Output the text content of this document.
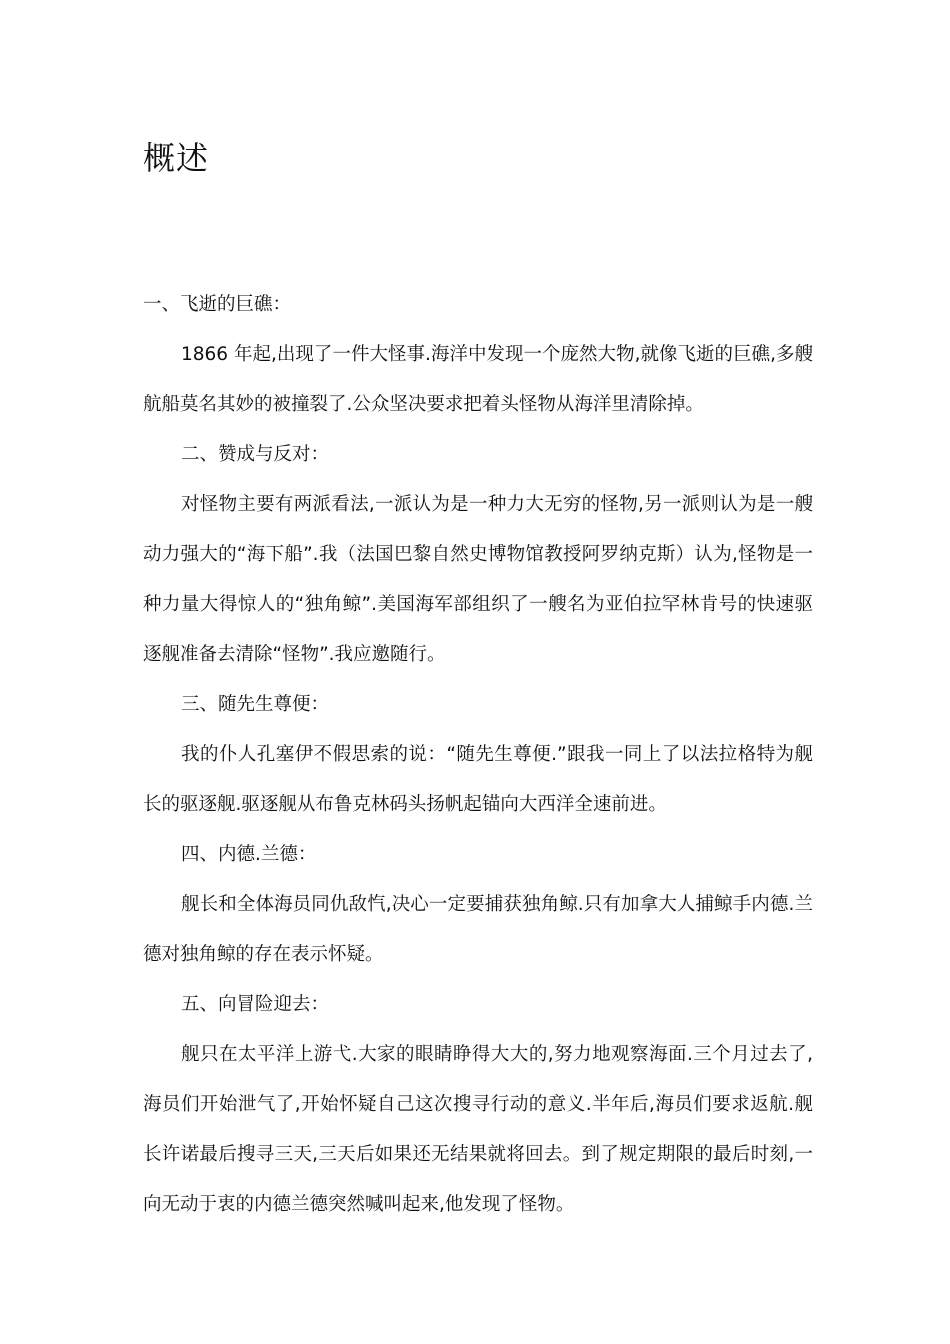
概述

一、飞逝的巨礁：

1866 年起,出现了一件大怪事.海洋中发现一个庞然大物,就像飞逝的巨礁,多艘航船莫名其妙的被撞裂了.公众坚决要求把着头怪物从海洋里清除掉。

二、赞成与反对：

对怪物主要有两派看法,一派认为是一种力大无穷的怪物,另一派则认为是一艘动力强大的“海下船”.我（法国巴黎自然史博物馆教授阿罗纳克斯）认为,怪物是一种力量大得惊人的“独角鲸”.美国海军部组织了一艘名为亚伯拉罕林肯号的快速驱逐舰准备去清除“怪物”.我应邀随行。

三、随先生尊便：

我的仆人孔塞伊不假思索的说：“随先生尊便.”跟我一同上了以法拉格特为舰长的驱逐舰.驱逐舰从布鲁克林码头扬帆起锚向大西洋全速前进。

四、内德.兰德：

舰长和全体海员同仇敌忾,决心一定要捕获独角鲸.只有加拿大人捕鲸手内德.兰德对独角鲸的存在表示怀疑。

五、向冒险迎去：

舰只在太平洋上游弋.大家的眼睛睁得大大的,努力地观察海面.三个月过去了,海员们开始泄气了,开始怀疑自己这次搜寻行动的意义.半年后,海员们要求返航.舰长许诺最后搜寻三天,三天后如果还无结果就将回去。到了规定期限的最后时刻,一向无动于衷的内德兰德突然喊叫起来,他发现了怪物。
